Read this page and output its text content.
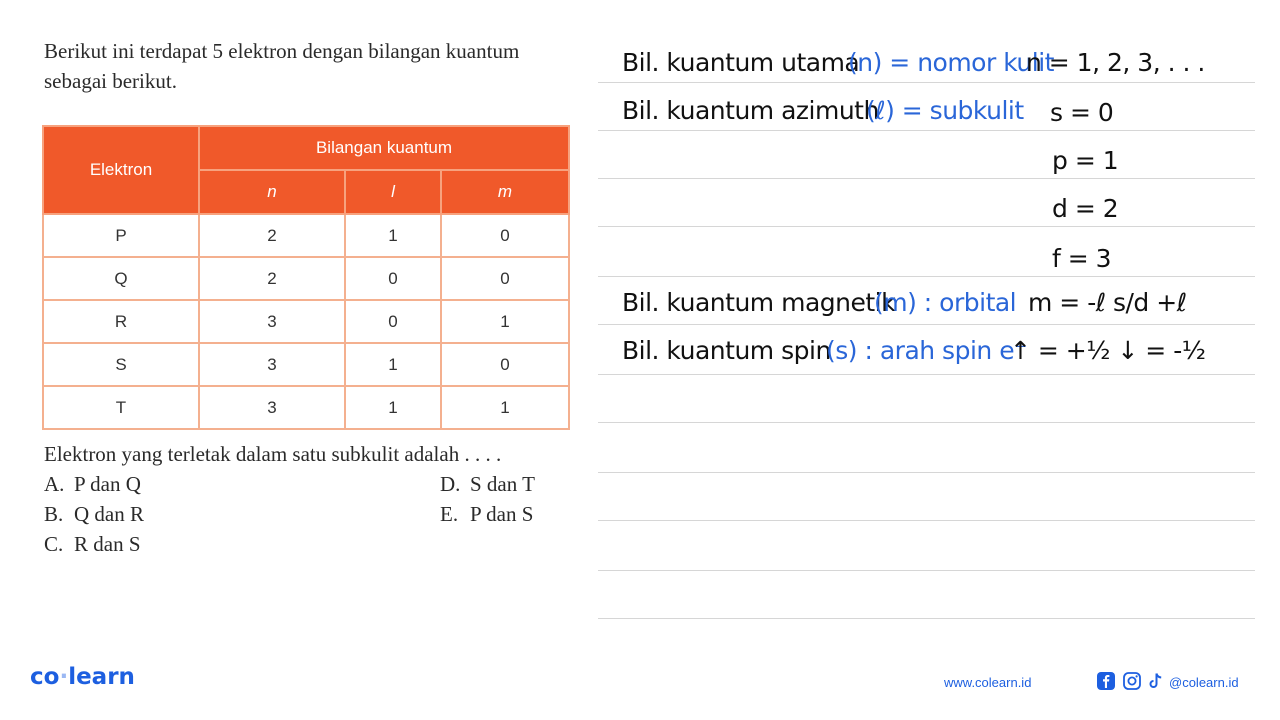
Berikut ini terdapat 5 elektron dengan bilangan kuantum sebagai berikut.
Elektron	Bilangan kuantum		
	n	l	m
P	2	1	0
Q	2	0	0
R	3	0	1
S	3	1	0
T	3	1	1
Elektron yang terletak dalam satu subkulit adalah . . . .
A. P dan Q
B. Q dan R
C. R dan S
D. S dan T
E. P dan S
Bil. kuantum utama
(n) = nomor kulit
n = 1, 2, 3, . . .
Bil. kuantum azimuth
(ℓ) = subkulit s = 0
p = 1
d = 2
f = 3
Bil. kuantum magnetik
(m) : orbital m = -ℓ s/d +ℓ
Bil. kuantum spin
(s) : arah spin e⁻
↑ = +½ ↓ = -½
co·learn	www.colearn.id	@colearn.id
